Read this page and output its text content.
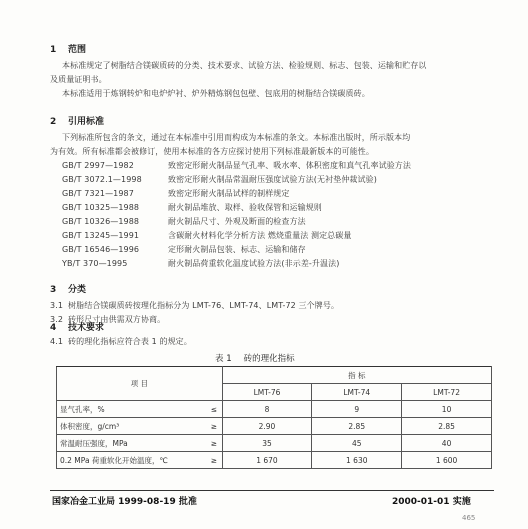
1 范围
本标准规定了树脂结合镁碳质砖的分类、技术要求、试验方法、检验规则、标志、包装、运输和贮存以
及质量证明书。
本标准适用于炼钢转炉和电炉炉衬、炉外精炼钢包包壁、包底用的树脂结合镁碳质砖。
2 引用标准
下列标准所包含的条文，通过在本标准中引用而构成为本标准的条文。本标准出版时，所示版本均
为有效。所有标准都会被修订，使用本标准的各方应探讨使用下列标准最新版本的可能性。
GB/T 2997—1982	致密定形耐火制品显气孔率、吸水率、体积密度和真气孔率试验方法
GB/T 3072.1—1998	致密定形耐火制品常温耐压强度试验方法(无衬垫仲裁试验)
GB/T 7321—1987	致密定形耐火制品试样的制样规定
GB/T 10325—1988	耐火制品堆放、取样、验收保管和运输规则
GB/T 10326—1988	耐火制品尺寸、外观及断面的检查方法
GB/T 13245—1991	含碳耐火材料化学分析方法 燃烧重量法 测定总碳量
GB/T 16546—1996	定形耐火制品包装、标志、运输和储存
YB/T 370—1995	耐火制品荷重软化温度试验方法(非示差-升温法)
3 分类
3.1 树脂结合镁碳质砖按理化指标分为 LMT-76、LMT-74、LMT-72 三个牌号。
3.2 砖形尺寸由供需双方协商。
4 技术要求
4.1 砖的理化指标应符合表 1 的规定。
表 1 砖的理化指标
项 目		指 标		
		LMT-76	LMT-74	LMT-72
显气孔率，%	≤	8	9	10
体积密度，g/cm³	≥	2.90	2.85	2.85
常温耐压强度，MPa	≥	35	45	40
0.2 MPa 荷重软化开始温度，℃	≥	1 670	1 630	1 600
国家冶金工业局 1999-08-19 批准	2000-01-01 实施
465
